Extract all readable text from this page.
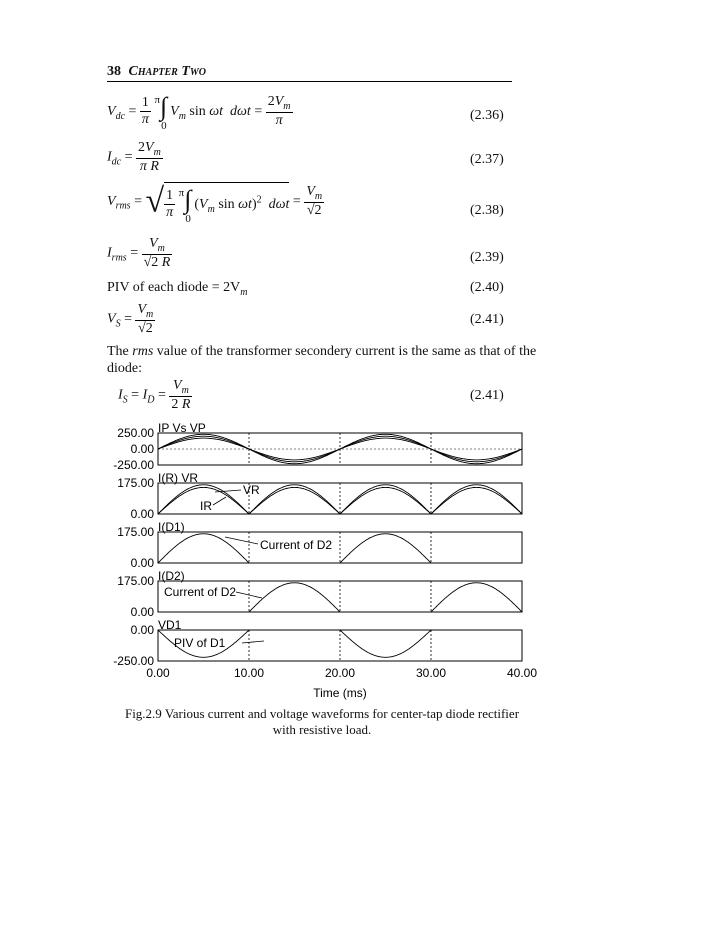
38 Chapter Two
$V_{dc} = \frac{1}{\pi} ^\pi\int_0$ $V_m$ sin ωt  $d\omega t = \frac{2V_m}{\pi}$	(2.36)
$I_{dc} = \frac{2V_m}{\text{π R}}$	(2.37)
$V_{rms}$ = √ $\frac{1}{\pi} ^\pi\int_0$ ($V_m$ sin ωt)$^2$ $d\omega t = \frac{V_m}{√2}$	(2.38)
$I_{rms} = \frac{V_m}{√2 R}$	(2.39)
PIV of each diode = $2V_m$	(2.40)
$V_S = \frac{V_m}{√2}$	(2.41)
The rms value of the transformer secondery current is the same as that of the diode:
$I_S = I_D = \frac{V_m}{2 R}$	(2.41)
IP Vs VP
250.00
0.00
-250.00
I(R) VR
175.00
0.00
I(D1)
175.00
0.00
I(D2)
175.00
0.00
VD1
0.00
-250.00
VR
IR
Current of D2
Current of D2
PIV of D1
0.00	10.00	20.00	30.00	40.00
Time (ms)
Fig.2.9 Various current and voltage waveforms for center-tap diode rectifier
with resistive load.
